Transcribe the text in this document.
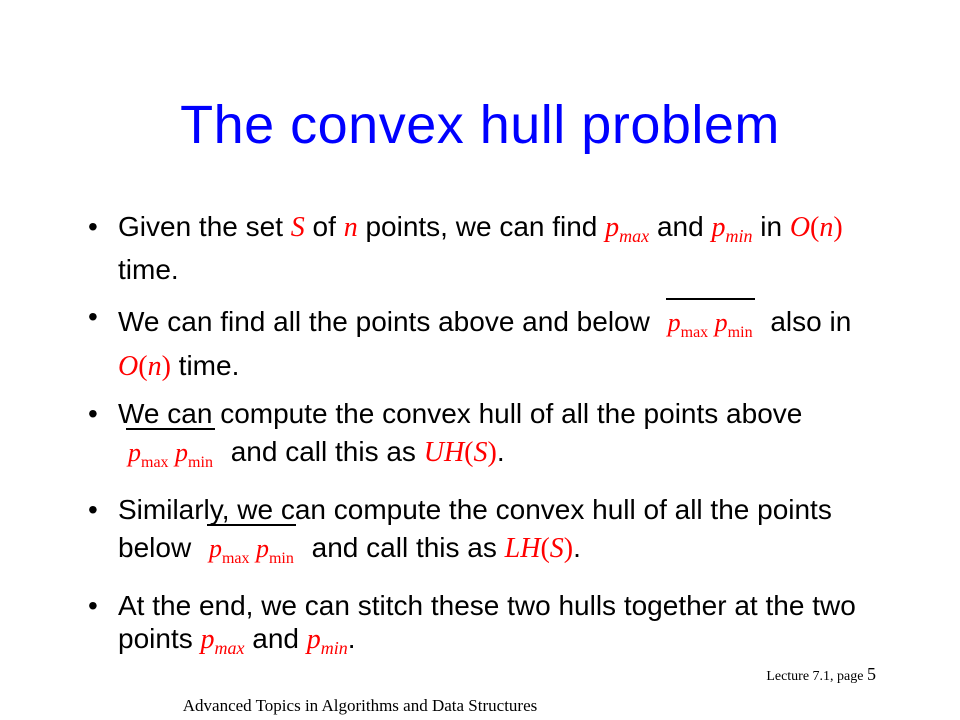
The convex hull problem
• Given the set S of n points, we can find $p_{max}$ and $p_{min}$ in O(n) time.
• We can find all the points above and below $p_{max}$ $p_{min}$ also in O(n) time.
• We can compute the convex hull of all the points above $p_{max}$ $p_{min}$ and call this as UH(S).
• Similarly, we can compute the convex hull of all the points below $p_{max}$ $p_{min}$ and call this as LH(S).
• At the end, we can stitch these two hulls together at the two points $p_{max}$ and $p_{min}$.
Lecture 7.1, page 5
Advanced Topics in Algorithms and Data Structures
